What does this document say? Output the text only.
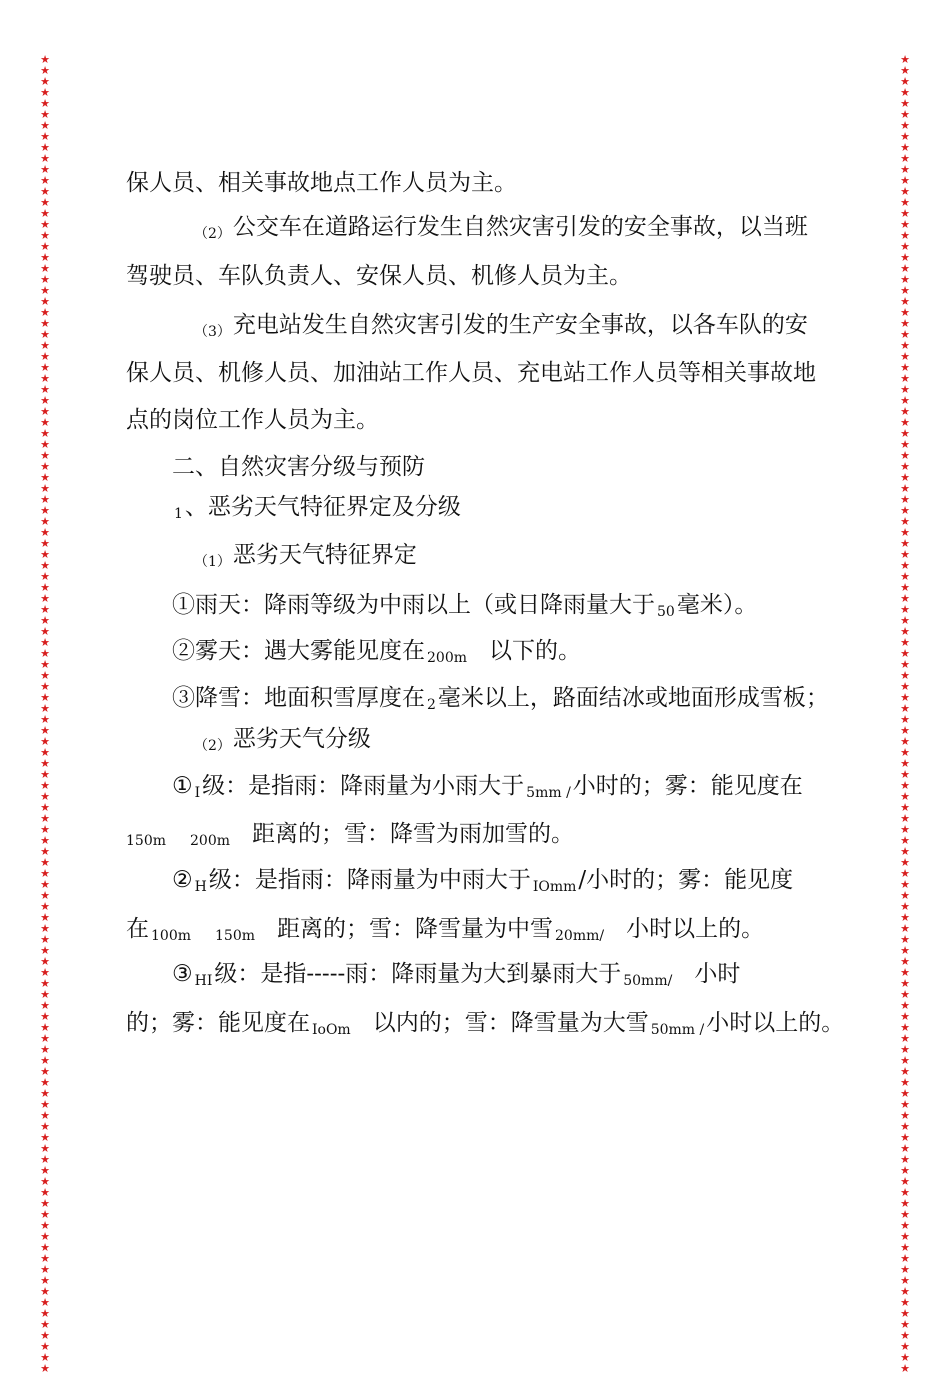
★
★
★
★
★
★
★
★
★
★
★
★
★
★
★
★
★
★
★
★
★
★
★
★
★
★
★
★
★
★
★
★
★
★
★
★
★
★
★
★
★
★
★
★
★
★
★
★
★
★
★
★
★
★
★
★
★
★
★
★
★
★
★
★
★
★
★
★
★
★
★
★
★
★
★
★
★
★
★
★
★
★
★
★
★
★
★
★
★
★
★
★
★
★
★
★
★
★
★
★
★
★
★
★
★
★
★
★
★
★
★
★
★
★
★
★
★
★
★
★
★
★
★
★
★
★
★
★
★
★
★
★
★
★
★
★
★
★
★
★
★
★
★
★
★
★
★
★
★
★
★
★
★
★
★
★
★
★
★
★
★
★
★
★
★
★
★
★
★
★
★
★
★
★
★
★
★
★
★
★
★
★
★
★
★
★
★
★
★
★
★
★
★
★
★
★
★
★
★
★
★
★
★
★
★
★
★
★
★
★
★
★
★
★
★
★
★
★
★
★
★
★
★
★
★
★
★
★
★
★
★
★
★
★
★
★
★
★
★
★
保人员、相关事故地点工作人员为主。
（2）公交车在道路运行发生自然灾害引发的安全事故，以当班
驾驶员、车队负责人、安保人员、机修人员为主。
（3）充电站发生自然灾害引发的生产安全事故，以各车队的安
保人员、机修人员、加油站工作人员、充电站工作人员等相关事故地
点的岗位工作人员为主。
二、自然灾害分级与预防
1、恶劣天气特征界定及分级
（1）恶劣天气特征界定
①雨天：降雨等级为中雨以上（或日降雨量大于 50毫米）。
②雾天：遇大雾能见度在 200m 以下的。
③降雪：地面积雪厚度在 2毫米以上，路面结冰或地面形成雪板；
（2）恶劣天气分级
① I级：是指雨：降雨量为小雨大于 5mm /小时的；雾：能见度在
150m 200m 距离的；雪：降雪为雨加雪的。
② H级：是指雨：降雨量为中雨大于 IOmm/小时的；雾：能见度
在 100m 150m 距离的；雪：降雪量为中雪 20mm/ 小时以上的。
③ HI级：是指-----雨：降雨量为大到暴雨大于 50mm/ 小时
的；雾：能见度在 IoOm 以内的；雪：降雪量为大雪 50mm /小时以上的。
